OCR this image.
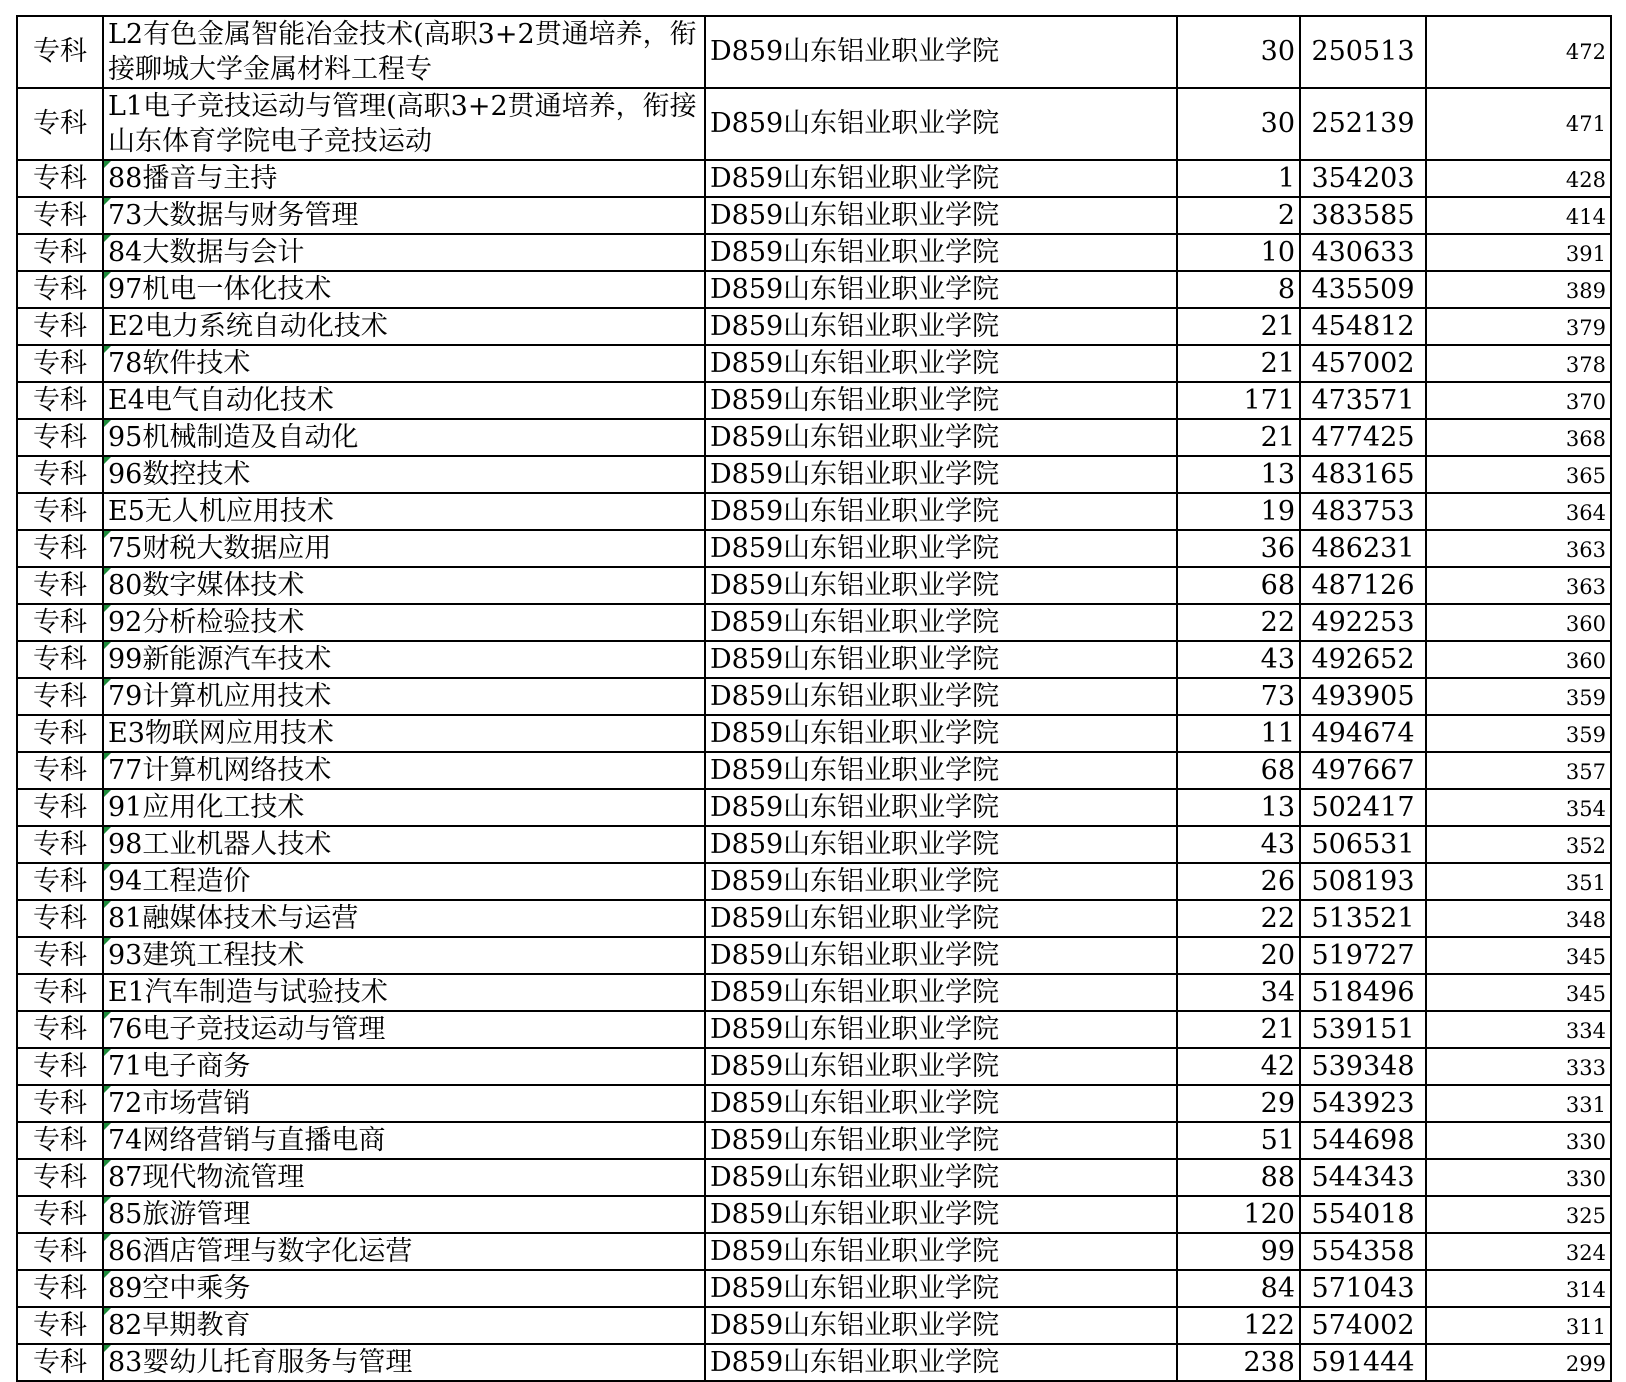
专科	L2有色金属智能冶金技术(高职3+2贯通培养，衔接聊城大学金属材料工程专	D859山东铝业职业学院	30	250513	472
专科	L1电子竞技运动与管理(高职3+2贯通培养，衔接山东体育学院电子竞技运动	D859山东铝业职业学院	30	252139	471
专科	88播音与主持	D859山东铝业职业学院	1	354203	428
专科	73大数据与财务管理	D859山东铝业职业学院	2	383585	414
专科	84大数据与会计	D859山东铝业职业学院	10	430633	391
专科	97机电一体化技术	D859山东铝业职业学院	8	435509	389
专科	E2电力系统自动化技术	D859山东铝业职业学院	21	454812	379
专科	78软件技术	D859山东铝业职业学院	21	457002	378
专科	E4电气自动化技术	D859山东铝业职业学院	171	473571	370
专科	95机械制造及自动化	D859山东铝业职业学院	21	477425	368
专科	96数控技术	D859山东铝业职业学院	13	483165	365
专科	E5无人机应用技术	D859山东铝业职业学院	19	483753	364
专科	75财税大数据应用	D859山东铝业职业学院	36	486231	363
专科	80数字媒体技术	D859山东铝业职业学院	68	487126	363
专科	92分析检验技术	D859山东铝业职业学院	22	492253	360
专科	99新能源汽车技术	D859山东铝业职业学院	43	492652	360
专科	79计算机应用技术	D859山东铝业职业学院	73	493905	359
专科	E3物联网应用技术	D859山东铝业职业学院	11	494674	359
专科	77计算机网络技术	D859山东铝业职业学院	68	497667	357
专科	91应用化工技术	D859山东铝业职业学院	13	502417	354
专科	98工业机器人技术	D859山东铝业职业学院	43	506531	352
专科	94工程造价	D859山东铝业职业学院	26	508193	351
专科	81融媒体技术与运营	D859山东铝业职业学院	22	513521	348
专科	93建筑工程技术	D859山东铝业职业学院	20	519727	345
专科	E1汽车制造与试验技术	D859山东铝业职业学院	34	518496	345
专科	76电子竞技运动与管理	D859山东铝业职业学院	21	539151	334
专科	71电子商务	D859山东铝业职业学院	42	539348	333
专科	72市场营销	D859山东铝业职业学院	29	543923	331
专科	74网络营销与直播电商	D859山东铝业职业学院	51	544698	330
专科	87现代物流管理	D859山东铝业职业学院	88	544343	330
专科	85旅游管理	D859山东铝业职业学院	120	554018	325
专科	86酒店管理与数字化运营	D859山东铝业职业学院	99	554358	324
专科	89空中乘务	D859山东铝业职业学院	84	571043	314
专科	82早期教育	D859山东铝业职业学院	122	574002	311
专科	83婴幼儿托育服务与管理	D859山东铝业职业学院	238	591444	299
